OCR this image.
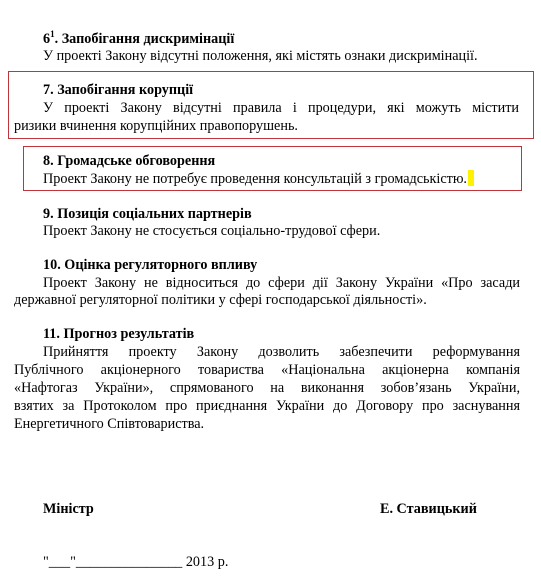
$6^1$. Запобігання дискримінації
У проекті Закону відсутні положення, які містять ознаки дискримінації.
7. Запобігання корупції
У проекті Закону відсутні правила і процедури, які можуть містити
ризики вчинення корупційних правопорушень.
8. Громадське обговорення
Проект Закону не потребує проведення консультацій з громадськістю.
9. Позиція соціальних партнерів
Проект Закону не стосується соціально-трудової сфери.
10. Оцінка регуляторного впливу
Проект Закону не відноситься до сфери дії Закону України «Про засади
державної регуляторної політики у сфері господарської діяльності».
11. Прогноз результатів
Прийняття проекту Закону дозволить забезпечити реформування
Публічного акціонерного товариства «Національна акціонерна компанія
«Нафтогаз України», спрямованого на виконання зобов’язань України,
взятих за Протоколом про приєднання України до Договору про заснування
Енергетичного Співтовариства.
Міністр	Е. Ставицький
"___"_______________ 2013 р.
